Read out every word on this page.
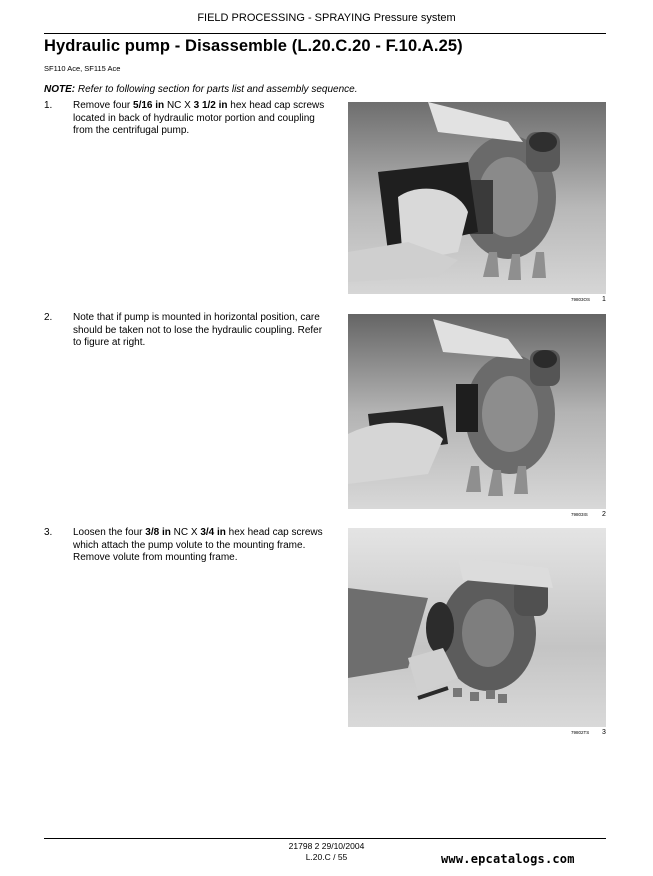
FIELD PROCESSING - SPRAYING Pressure system
Hydraulic pump - Disassemble (L.20.C.20 - F.10.A.25)
SF110 Ace, SF115 Ace
NOTE: Refer to following section for parts list and assembly sequence.
1. Remove four 5/16 in NC X 3 1/2 in hex head cap screws located in back of hydraulic motor portion and coupling from the centrifugal pump.
79803OS 1
2. Note that if pump is mounted in horizontal position, care should be taken not to lose the hydraulic coupling. Refer to figure at right.
79803IS 2
3. Loosen the four 3/8 in NC X 3/4 in hex head cap screws which attach the pump volute to the mounting frame. Remove volute from mounting frame.
79802TS 3
21798 2 29/10/2004
L.20.C / 55	www.epcatalogs.com
